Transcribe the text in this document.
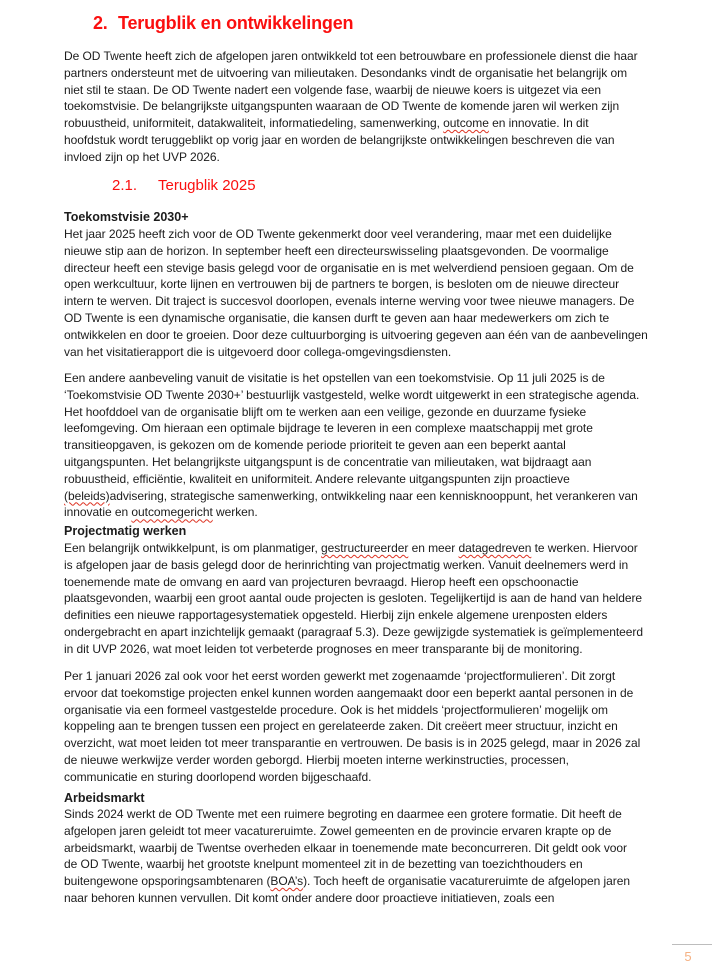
2. Terugblik en ontwikkelingen
De OD Twente heeft zich de afgelopen jaren ontwikkeld tot een betrouwbare en professionele dienst die haar
partners ondersteunt met de uitvoering van milieutaken. Desondanks vindt de organisatie het belangrijk om
niet stil te staan. De OD Twente nadert een volgende fase, waarbij de nieuwe koers is uitgezet via een
toekomstvisie. De belangrijkste uitgangspunten waaraan de OD Twente de komende jaren wil werken zijn
robuustheid, uniformiteit, datakwaliteit, informatiedeling, samenwerking, outcome en innovatie. In dit
hoofdstuk wordt teruggeblikt op vorig jaar en worden de belangrijkste ontwikkelingen beschreven die van
invloed zijn op het UVP 2026.
2.1. Terugblik 2025
Toekomstvisie 2030+
Het jaar 2025 heeft zich voor de OD Twente gekenmerkt door veel verandering, maar met een duidelijke
nieuwe stip aan de horizon. In september heeft een directeurswisseling plaatsgevonden. De voormalige
directeur heeft een stevige basis gelegd voor de organisatie en is met welverdiend pensioen gegaan. Om de
open werkcultuur, korte lijnen en vertrouwen bij de partners te borgen, is besloten om de nieuwe directeur
intern te werven. Dit traject is succesvol doorlopen, evenals interne werving voor twee nieuwe managers. De
OD Twente is een dynamische organisatie, die kansen durft te geven aan haar medewerkers om zich te
ontwikkelen en door te groeien. Door deze cultuurborging is uitvoering gegeven aan één van de aanbevelingen
van het visitatierapport die is uitgevoerd door collega-omgevingsdiensten.
Een andere aanbeveling vanuit de visitatie is het opstellen van een toekomstvisie. Op 11 juli 2025 is de
‘Toekomstvisie OD Twente 2030+’ bestuurlijk vastgesteld, welke wordt uitgewerkt in een strategische agenda.
Het hoofddoel van de organisatie blijft om te werken aan een veilige, gezonde en duurzame fysieke
leefomgeving. Om hieraan een optimale bijdrage te leveren in een complexe maatschappij met grote
transitieopgaven, is gekozen om de komende periode prioriteit te geven aan een beperkt aantal
uitgangspunten. Het belangrijkste uitgangspunt is de concentratie van milieutaken, wat bijdraagt aan
robuustheid, efficiëntie, kwaliteit en uniformiteit. Andere relevante uitgangspunten zijn proactieve
(beleids)advisering, strategische samenwerking, ontwikkeling naar een kennisknooppunt, het verankeren van
innovatie en outcomegericht werken.
Projectmatig werken
Een belangrijk ontwikkelpunt, is om planmatiger, gestructureerder en meer datagedreven te werken. Hiervoor
is afgelopen jaar de basis gelegd door de herinrichting van projectmatig werken. Vanuit deelnemers werd in
toenemende mate de omvang en aard van projecturen bevraagd. Hierop heeft een opschoonactie
plaatsgevonden, waarbij een groot aantal oude projecten is gesloten. Tegelijkertijd is aan de hand van heldere
definities een nieuwe rapportagesystematiek opgesteld. Hierbij zijn enkele algemene urenposten elders
ondergebracht en apart inzichtelijk gemaakt (paragraaf 5.3). Deze gewijzigde systematiek is geïmplementeerd
in dit UVP 2026, wat moet leiden tot verbeterde prognoses en meer transparante bij de monitoring.
Per 1 januari 2026 zal ook voor het eerst worden gewerkt met zogenaamde ‘projectformulieren’. Dit zorgt
ervoor dat toekomstige projecten enkel kunnen worden aangemaakt door een beperkt aantal personen in de
organisatie via een formeel vastgestelde procedure. Ook is het middels ‘projectformulieren’ mogelijk om
koppeling aan te brengen tussen een project en gerelateerde zaken. Dit creëert meer structuur, inzicht en
overzicht, wat moet leiden tot meer transparantie en vertrouwen. De basis is in 2025 gelegd, maar in 2026 zal
de nieuwe werkwijze verder worden geborgd. Hierbij moeten interne werkinstructies, processen,
communicatie en sturing doorlopend worden bijgeschaafd.
Arbeidsmarkt
Sinds 2024 werkt de OD Twente met een ruimere begroting en daarmee een grotere formatie. Dit heeft de
afgelopen jaren geleidt tot meer vacatureruimte. Zowel gemeenten en de provincie ervaren krapte op de
arbeidsmarkt, waarbij de Twentse overheden elkaar in toenemende mate beconcurreren. Dit geldt ook voor
de OD Twente, waarbij het grootste knelpunt momenteel zit in de bezetting van toezichthouders en
buitengewone opsporingsambtenaren (BOA’s). Toch heeft de organisatie vacatureruimte de afgelopen jaren
naar behoren kunnen vervullen. Dit komt onder andere door proactieve initiatieven, zoals een
5
